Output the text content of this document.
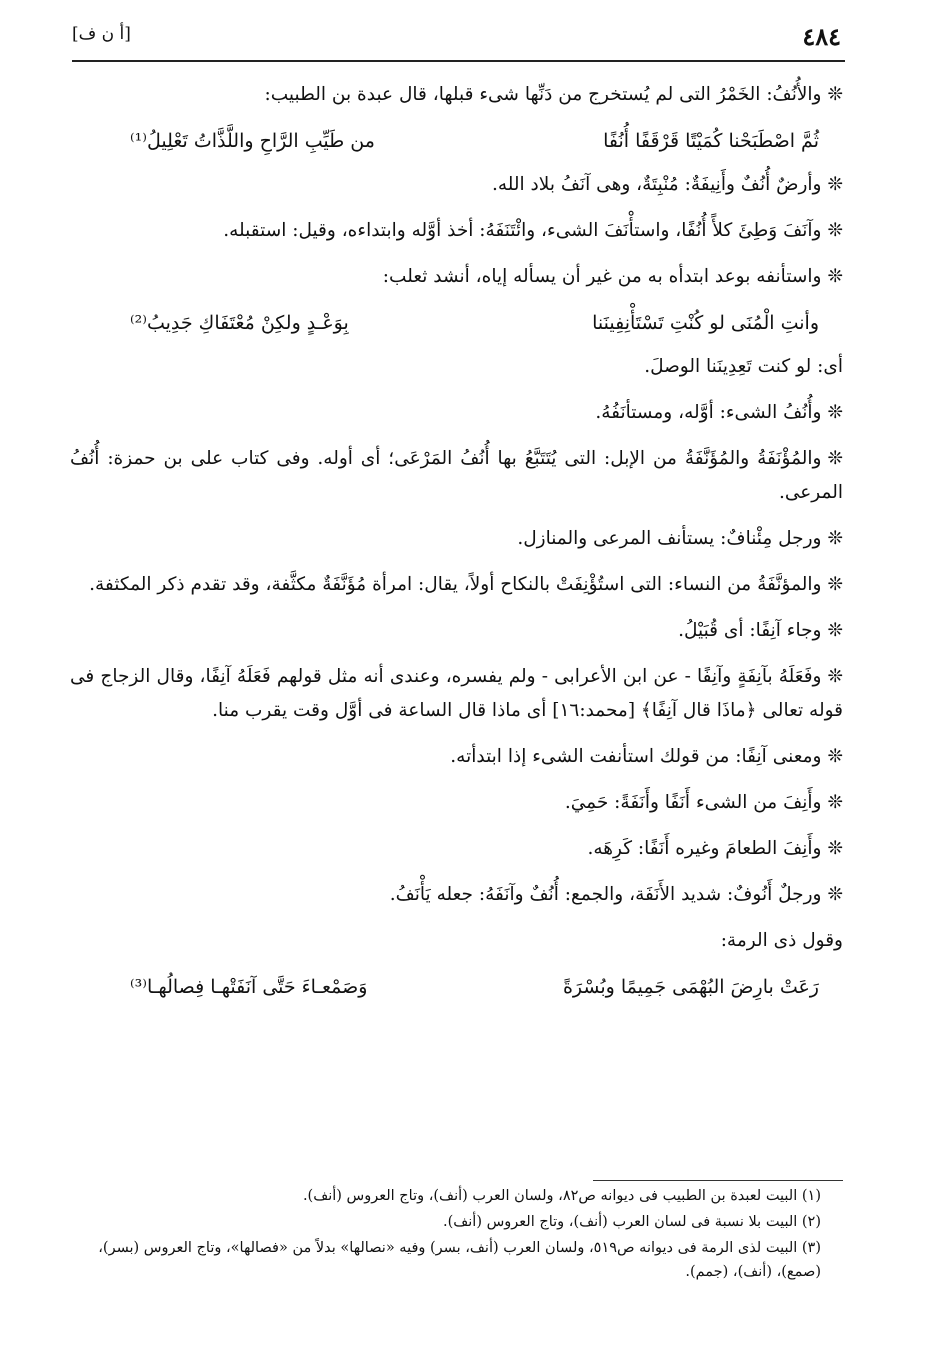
٤٨٤
[أ ن ف]

❊والأُنُفُ: الخَمْرُ التى لم يُستخرج من دَنِّها شىء قبلها، قال عبدة بن الطبيب:

ثُمَّ اصْطَبَحْنا كُمَيْتًا قَرْقَفًا أُنُفًا
من طَيِّبِ الرَّاحِ واللَّذَّاتُ تَعْلِيلُ⁽¹⁾

❊وأرضٌ أُنُفٌ وأَنِيفَةٌ: مُنْبِتَةٌ، وهى آنَفُ بلاد الله.

❊وآنَفَ وَطِئَ كلأً أُنُفًا، واستأْنَفَ الشىء، وائْتَنَفَهُ: أخذ أوَّله وابتداءه، وقيل: استقبله.

❊واستأنفه بوعد ابتدأه به من غير أن يسأله إياه، أنشد ثعلب:

وأنتِ الْمُنَى لو كُنْتِ تَسْتَأْنِفِينَنا
بِوَعْـدٍ ولكِنْ مُعْتَفَاكِ جَدِيبُ⁽²⁾

أى: لو كنت تَعِدِينَنا الوصلَ.

❊وأُنُفُ الشىء: أوَّله، ومستأنَفُهُ.

❊والمُؤْنَفَةُ والمُؤَنَّفَةُ من الإبل: التى يُتَتَبَّعُ بها أُنُفُ المَرْعَى؛ أى أوله. وفى كتاب على بن حمزة: أُنُفُ المرعى.

❊ورجل مِئْنافٌ: يستأنف المرعى والمنازل.

❊والمؤنَّفَةُ من النساء: التى استُؤْنِفَتْ بالنكاح أولاً، يقال: امرأة مُؤَنَّفَةٌ مكثَّفة، وقد تقدم ذكر المكثفة.

❊وجاء آنِفًا: أى قُبَيْلُ.

❊وفَعَلَهُ بآنِفَةٍ وآنِفًا - عن ابن الأعرابى - ولم يفسره، وعندى أنه مثل قولهم فَعَلَهُ آنِفًا، وقال الزجاج فى قوله تعالى ﴿ماذَا قال آنِفًا﴾ [محمد:١٦] أى ماذا قال الساعة فى أوَّل وقت يقرب منا.

❊ومعنى آنِفًا: من قولك استأنفت الشىء إذا ابتدأته.

❊وأَنِفَ من الشىء أَنَفًا وأَنَفَةً: حَمِيَ.

❊وأَنِفَ الطعامَ وغيره أَنَفًا: كَرِهَه.

❊ورجلٌ أَنُوفٌ: شديد الأَنَفَة، والجمع: أُنُفٌ وآنَفَهُ: جعله يَأْنَفُ.

وقول ذى الرمة:

رَعَتْ بارِضَ البُهْمَى جَمِيمًا وبُسْرَةً
وَصَمْعـاءَ حَتَّى آنَفَتْهـا فِصالُهـا⁽³⁾

(١) البيت لعبدة بن الطبيب فى ديوانه ص٨٢، ولسان العرب (أنف)، وتاج العروس (أنف).

(٢) البيت بلا نسبة فى لسان العرب (أنف)، وتاج العروس (أنف).

(٣) البيت لذى الرمة فى ديوانه ص٥١٩، ولسان العرب (أنف، بسر) وفيه «نصالها» بدلاً من «فصالها»، وتاج العروس (بسر)، (صمع)، (أنف)، (جمم).
